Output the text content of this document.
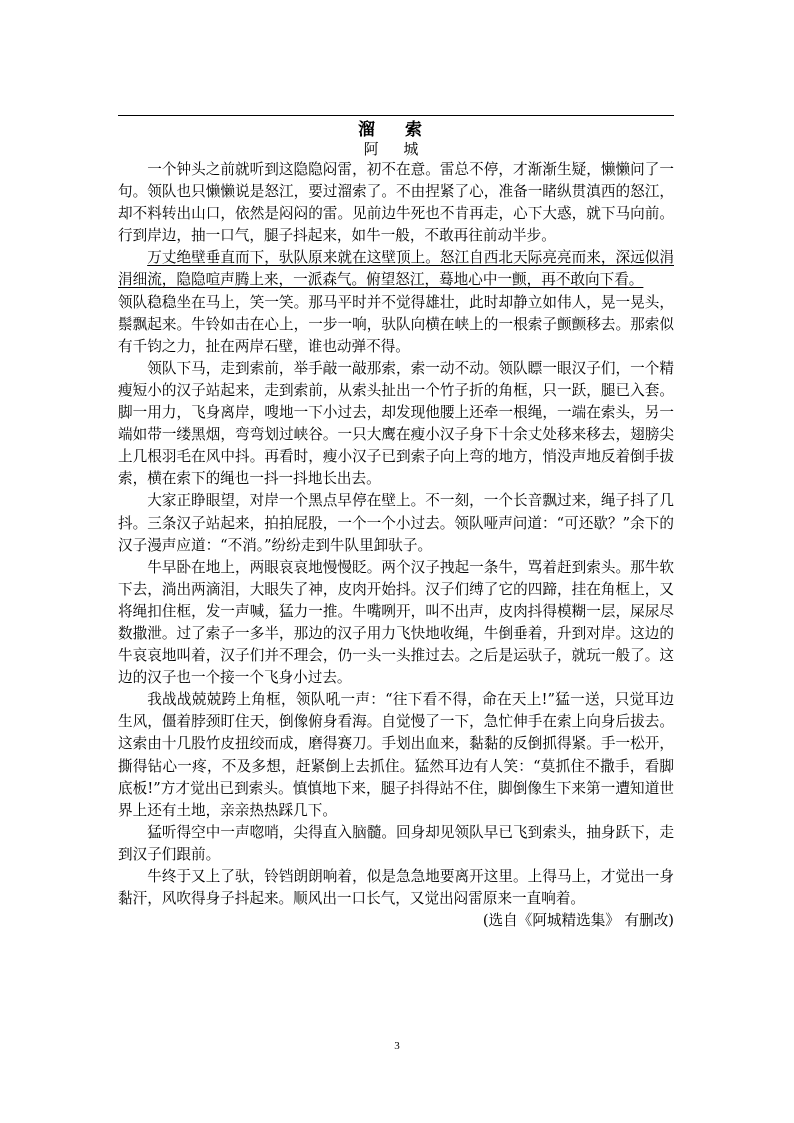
溜 索
阿 城

一个钟头之前就听到这隐隐闷雷，初不在意。雷总不停，才渐渐生疑，懒懒问了一句。领队也只懒懒说是怒江，要过溜索了。不由捏紧了心，准备一睹纵贯滇西的怒江，却不料转出山口，依然是闷闷的雷。见前边牛死也不肯再走，心下大惑，就下马向前。行到岸边，抽一口气，腿子抖起来，如牛一般，不敢再往前动半步。

万丈绝壁垂直而下，驮队原来就在这壁顶上。怒江自西北天际亮亮而来，深远似涓涓细流，隐隐喧声腾上来，一派森气。俯望怒江，蓦地心中一颤，再不敢向下看。

领队稳稳坐在马上，笑一笑。那马平时并不觉得雄壮，此时却静立如伟人，晃一晃头，鬃飘起来。牛铃如击在心上，一步一响，驮队向横在峡上的一根索子颤颤移去。那索似有千钧之力，扯在两岸石壁，谁也动弹不得。

领队下马，走到索前，举手敲一敲那索，索一动不动。领队瞟一眼汉子们，一个精瘦短小的汉子站起来，走到索前，从索头扯出一个竹子折的角框，只一跃，腿已入套。脚一用力，飞身离岸，嗖地一下小过去，却发现他腰上还牵一根绳，一端在索头，另一端如带一缕黑烟，弯弯划过峡谷。一只大鹰在瘦小汉子身下十余丈处移来移去，翅膀尖上几根羽毛在风中抖。再看时，瘦小汉子已到索子向上弯的地方，悄没声地反着倒手拔索，横在索下的绳也一抖一抖地长出去。

大家正睁眼望，对岸一个黑点早停在壁上。不一刻，一个长音飘过来，绳子抖了几抖。三条汉子站起来，拍拍屁股，一个一个小过去。领队哑声问道：“可还歇？”余下的汉子漫声应道：“不消。”纷纷走到牛队里卸驮子。

牛早卧在地上，两眼哀哀地慢慢眨。两个汉子拽起一条牛，骂着赶到索头。那牛软下去，淌出两滴泪，大眼失了神，皮肉开始抖。汉子们缚了它的四蹄，挂在角框上，又将绳扣住框，发一声喊，猛力一推。牛嘴咧开，叫不出声，皮肉抖得模糊一层，屎尿尽数撒泄。过了索子一多半，那边的汉子用力飞快地收绳，牛倒垂着，升到对岸。这边的牛哀哀地叫着，汉子们并不理会，仍一头一头推过去。之后是运驮子，就玩一般了。这边的汉子也一个接一个飞身小过去。

我战战兢兢跨上角框，领队吼一声：“往下看不得，命在天上!”猛一送，只觉耳边生风，僵着脖颈盯住天，倒像俯身看海。自觉慢了一下，急忙伸手在索上向身后拔去。这索由十几股竹皮扭绞而成，磨得赛刀。手划出血来，黏黏的反倒抓得紧。手一松开，撕得钻心一疼，不及多想，赶紧倒上去抓住。猛然耳边有人笑：“莫抓住不撒手，看脚底板!”方才觉出已到索头。慎慎地下来，腿子抖得站不住，脚倒像生下来第一遭知道世界上还有土地，亲亲热热踩几下。

猛听得空中一声唿哨，尖得直入脑髓。回身却见领队早已飞到索头，抽身跃下，走到汉子们跟前。

牛终于又上了驮，铃铛朗朗响着，似是急急地要离开这里。上得马上，才觉出一身黏汗，风吹得身子抖起来。顺风出一口长气，又觉出闷雷原来一直响着。

(选自《阿城精选集》 有删改)

3
